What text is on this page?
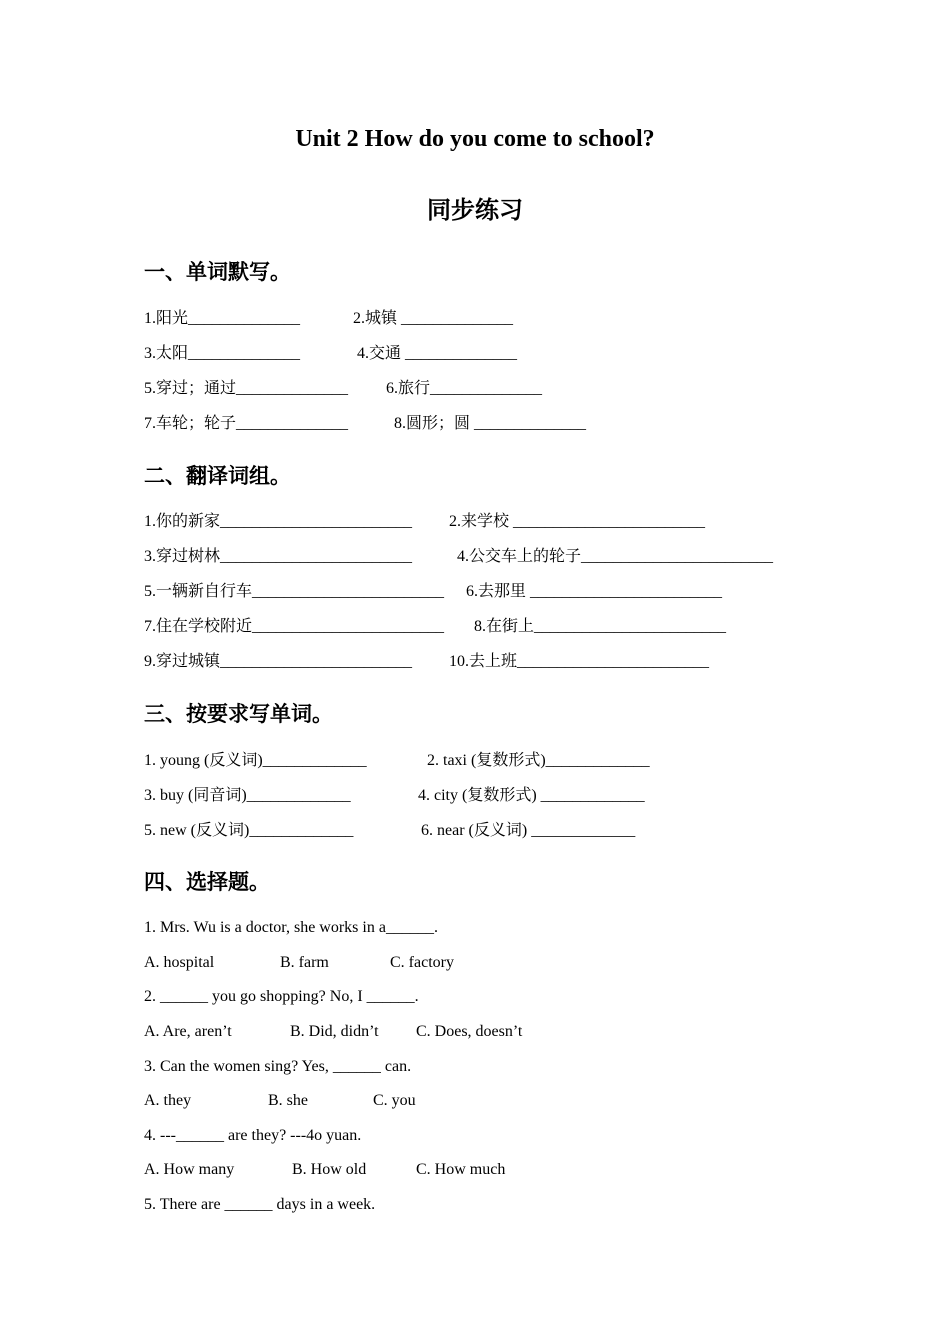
Unit 2 How do you come to school?
同步练习
一、单词默写。
1.阳光______________	2.城镇 ______________
3.太阳______________	4.交通 ______________
5.穿过；通过______________ 6.旅行______________
7.车轮；轮子______________	8.圆形；圆 ______________
二、翻译词组。
1.你的新家________________________ 2.来学校 ________________________
3.穿过树林________________________	4.公交车上的轮子________________________
5.一辆新自行车________________________ 6.去那里 ________________________
7.住在学校附近________________________ 8.在街上________________________
9.穿过城镇________________________ 10.去上班________________________
三、按要求写单词。
1. young (反义词)_____________	2. taxi (复数形式)_____________
3. buy (同音词)_____________	4. city (复数形式) _____________
5. new (反义词)_____________	6. near (反义词) _____________
四、选择题。
1. Mrs. Wu is a doctor, she works in a______.
A. hospital	B. farm	C. factory
2. ______ you go shopping? No, I ______.
A. Are, aren’t	B. Did, didn’t C. Does, doesn’t
3. Can the women sing? Yes, ______ can.
A. they	B. she	C. you
4. ---______ are they? ---4o yuan.
A. How many	B. How old	C. How much
5. There are ______ days in a week.
